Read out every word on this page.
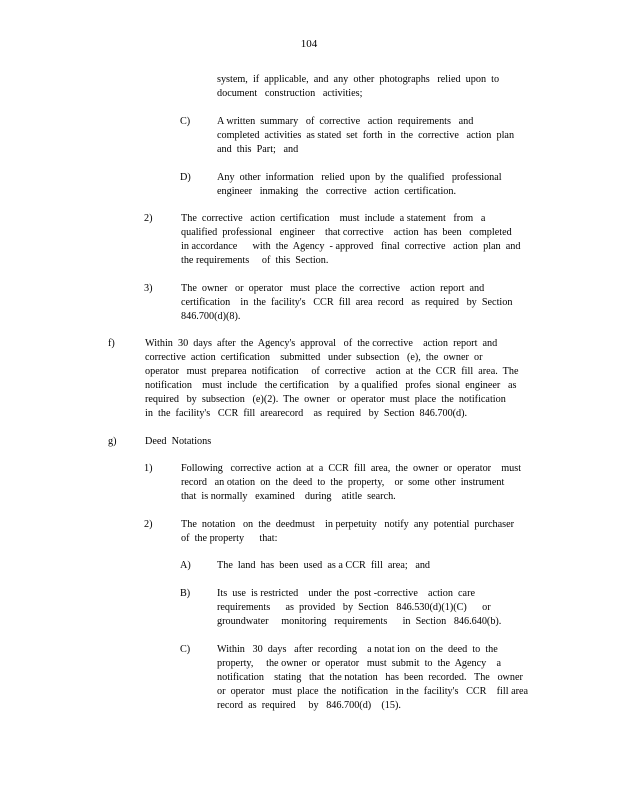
104
system,  if  applicable,  and  any  other  photographs   relied  upon  to
document   construction   activities;
C)	A written  summary   of  corrective   action  requirements   and
completed  activities  as stated  set  forth  in  the  corrective   action  plan
and  this  Part;   and
D)	Any  other  information   relied  upon  by  the  qualified   professional
engineer   inmaking   the   corrective   action  certification.
2)	The  corrective   action  certification    must  include  a statement   from   a
qualified  professional   engineer    that corrective    action  has  been   completed
in accordance      with  the  Agency  - approved   final  corrective   action  plan  and
the requirements     of  this  Section.
3)	The  owner   or  operator   must  place  the  corrective    action  report  and
certification    in  the  facility's   CCR  fill  area  record   as  required   by  Section
846.700(d)(8).
f)	Within  30  days  after  the  Agency's  approval   of  the corrective    action  report  and
corrective  action  certification    submitted   under  subsection   (e),  the  owner  or
operator   must  preparea  notification     of  corrective    action  at  the  CCR  fill  area.  The
notification    must  include   the certification    by  a qualified   profes  sional  engineer   as
required   by  subsection   (e)(2).  The  owner   or  operator  must  place  the  notification
in  the  facility's   CCR  fill  arearecord    as  required   by  Section  846.700(d).
g)	Deed  Notations
1)	Following   corrective  action  at  a  CCR  fill  area,  the  owner  or  operator    must
record   an otation  on  the  deed  to  the  property,    or  some  other  instrument
that  is normally   examined    during    atitle  search.
2)	The  notation   on  the  deedmust    in perpetuity   notify  any  potential  purchaser
of  the property      that:
A)	The  land  has  been  used  as a CCR  fill  area;   and
B)	Its  use  is restricted    under  the  post -corrective    action  care
requirements      as  provided   by  Section   846.530(d)(1)(C)      or
groundwater     monitoring   requirements      in  Section   846.640(b).
C)	Within   30  days   after  recording    a notat ion  on  the  deed  to  the
property,     the owner  or  operator   must  submit  to  the  Agency    a
notification    stating   that  the notation   has  been  recorded.   The   owner
or  operator   must  place  the  notification   in the  facility's   CCR    fill area
record  as  required     by   846.700(d)    (15).
